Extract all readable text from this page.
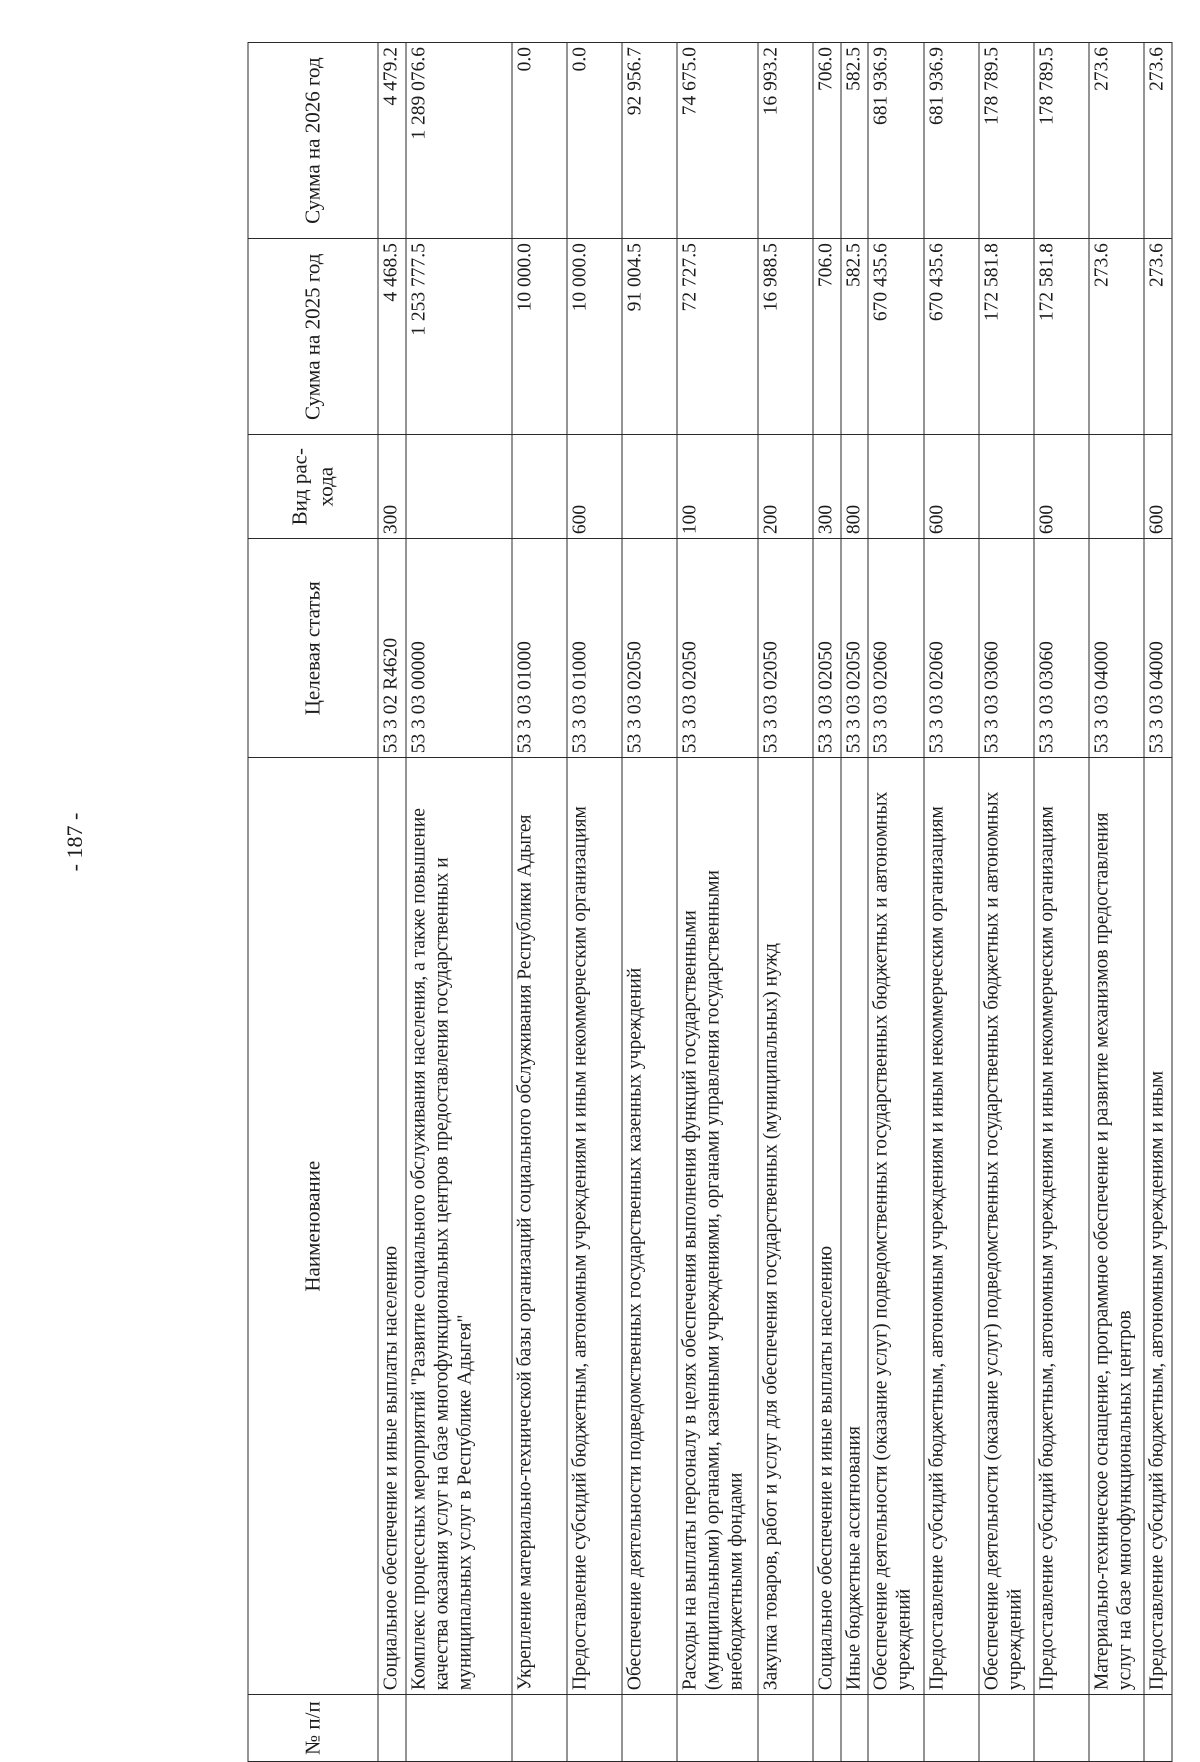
- 187 -
№ п/п	Наименование	Целевая статья	Вид рас-хода	Сумма на 2025 год	Сумма на 2026 год
	Социальное обеспечение и иные выплаты населению	53 3 02 R4620	300	4 468.5	4 479.2
	Комплекс процессных мероприятий "Развитие социального обслуживания населения, а также повышение качества оказания услуг на базе многофункциональных центров предоставления государственных и муниципальных услуг в Республике Адыгея"	53 3 03 00000		1 253 777.5	1 289 076.6
	Укрепление материально-технической базы организаций социального обслуживания Республики Адыгея	53 3 03 01000		10 000.0	0.0
	Предоставление субсидий бюджетным, автономным учреждениям и иным некоммерческим организациям	53 3 03 01000	600	10 000.0	0.0
	Обеспечение деятельности подведомственных государственных казенных учреждений	53 3 03 02050		91 004.5	92 956.7
	Расходы на выплаты персоналу в целях обеспечения выполнения функций государственными (муниципальными) органами, казенными учреждениями, органами управления государственными внебюджетными фондами	53 3 03 02050	100	72 727.5	74 675.0
	Закупка товаров, работ и услуг для обеспечения государственных (муниципальных) нужд	53 3 03 02050	200	16 988.5	16 993.2
	Социальное обеспечение и иные выплаты населению	53 3 03 02050	300	706.0	706.0
	Иные бюджетные ассигнования	53 3 03 02050	800	582.5	582.5
	Обеспечение деятельности (оказание услуг) подведомственных государственных бюджетных и автономных учреждений	53 3 03 02060		670 435.6	681 936.9
	Предоставление субсидий бюджетным, автономным учреждениям и иным некоммерческим организациям	53 3 03 02060	600	670 435.6	681 936.9
	Обеспечение деятельности (оказание услуг) подведомственных государственных бюджетных и автономных учреждений	53 3 03 03060		172 581.8	178 789.5
	Предоставление субсидий бюджетным, автономным учреждениям и иным некоммерческим организациям	53 3 03 03060	600	172 581.8	178 789.5
	Материально-техническое оснащение, программное обеспечение и развитие механизмов предоставления услуг на базе многофункциональных центров	53 3 03 04000		273.6	273.6
	Предоставление субсидий бюджетным, автономным учреждениям и иным	53 3 03 04000	600	273.6	273.6
